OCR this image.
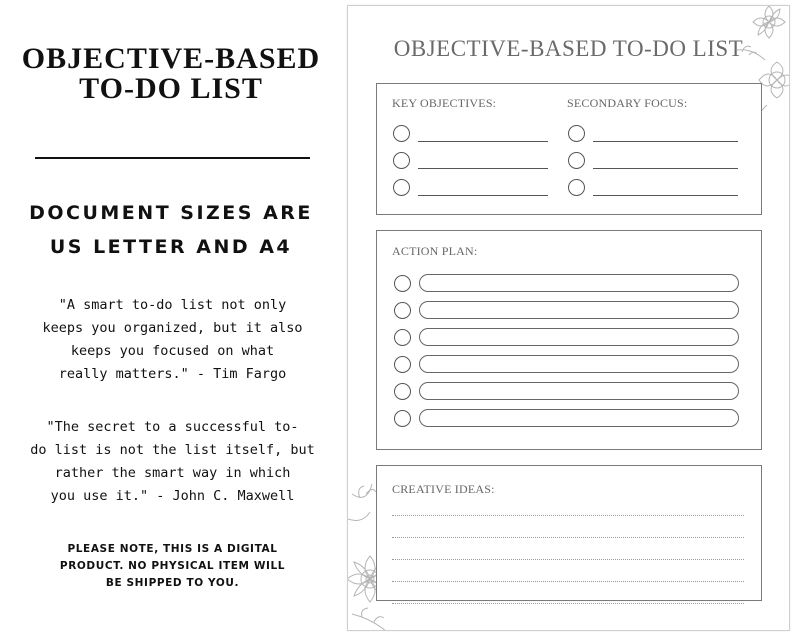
OBJECTIVE-BASED
TO-DO LIST
DOCUMENT SIZES ARE
US LETTER AND A4
"A smart to-do list not only
keeps you organized, but it also
keeps you focused on what
really matters." - Tim Fargo
"The secret to a successful to-
do list is not the list itself, but
rather the smart way in which
you use it." - John C. Maxwell
PLEASE NOTE, THIS IS A DIGITAL
PRODUCT. NO PHYSICAL ITEM WILL
BE SHIPPED TO YOU.
OBJECTIVE-BASED TO-DO LIST
KEY OBJECTIVES:	SECONDARY FOCUS:
ACTION PLAN:
CREATIVE IDEAS:
